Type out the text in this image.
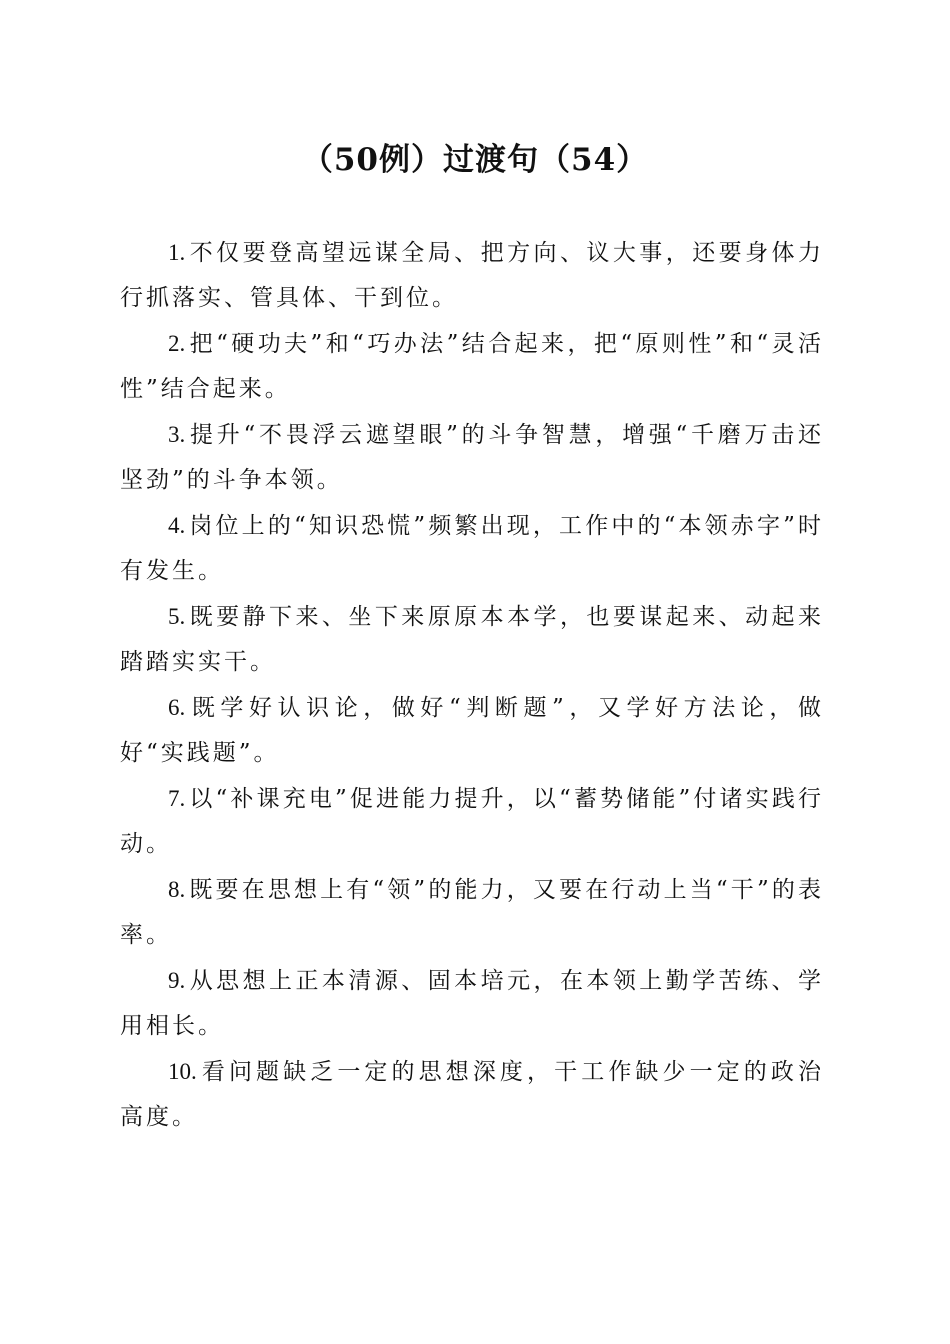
（50例）过渡句（54）

1. 不仅要登高望远谋全局、把方向、议大事，还要身体力行抓落实、管具体、干到位。

2. 把“硬功夫”和“巧办法”结合起来，把“原则性”和“灵活性”结合起来。

3. 提升“不畏浮云遮望眼”的斗争智慧，增强“千磨万击还坚劲”的斗争本领。

4. 岗位上的“知识恐慌”频繁出现，工作中的“本领赤字”时有发生。

5. 既要静下来、坐下来原原本本学，也要谋起来、动起来踏踏实实干。

6. 既学好认识论，做好“判断题”，又学好方法论，做好“实践题”。

7. 以“补课充电”促进能力提升，以“蓄势储能”付诸实践行动。

8. 既要在思想上有“领”的能力，又要在行动上当“干”的表率。

9. 从思想上正本清源、固本培元，在本领上勤学苦练、学用相长。

10. 看问题缺乏一定的思想深度，干工作缺少一定的政治高度。
